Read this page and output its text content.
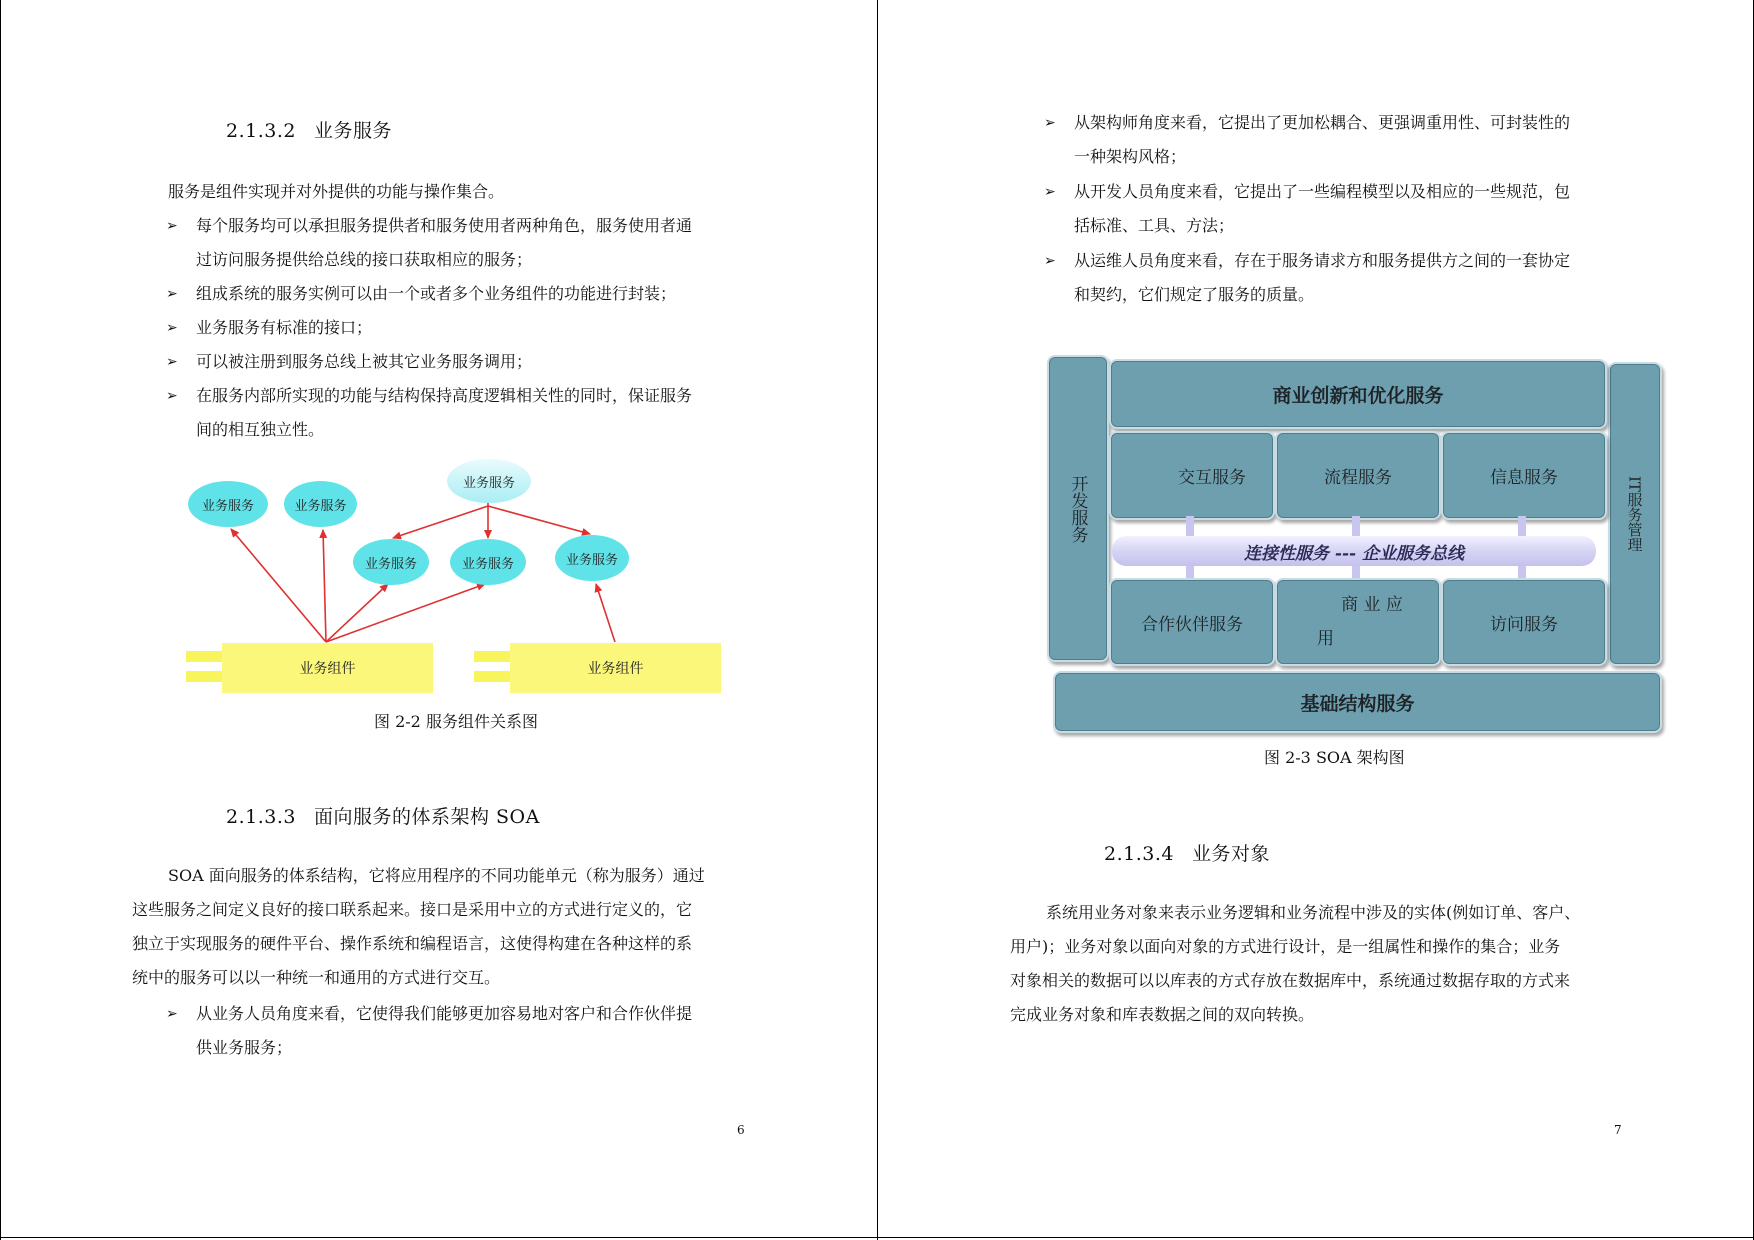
2.1.3.2 业务服务
服务是组件实现并对外提供的功能与操作集合。
➢ 每个服务均可以承担服务提供者和服务使用者两种角色，服务使用者通
过访问服务提供给总线的接口获取相应的服务；
➢ 组成系统的服务实例可以由一个或者多个业务组件的功能进行封装；
➢ 业务服务有标准的接口；
➢ 可以被注册到服务总线上被其它业务服务调用；
➢ 在服务内部所实现的功能与结构保持高度逻辑相关性的同时，保证服务
间的相互独立性。
业务服务	业务服务
业务服务
业务服务	业务服务	业务服务
业务组件	业务组件
图 2-2 服务组件关系图
2.1.3.3 面向服务的体系架构 SOA
SOA 面向服务的体系结构，它将应用程序的不同功能单元（称为服务）通过
这些服务之间定义良好的接口联系起来。接口是采用中立的方式进行定义的，它
独立于实现服务的硬件平台、操作系统和编程语言，这使得构建在各种这样的系
统中的服务可以以一种统一和通用的方式进行交互。
➢ 从业务人员角度来看，它使得我们能够更加容易地对客户和合作伙伴提
供业务服务；
6
➢ 从架构师角度来看，它提出了更加松耦合、更强调重用性、可封装性的
一种架构风格；
➢ 从开发人员角度来看，它提出了一些编程模型以及相应的一些规范，包
括标准、工具、方法；
➢ 从运维人员角度来看，存在于服务请求方和服务提供方之间的一套协定
和契约，它们规定了服务的质量。
开发服务	IT服务管理
商业创新和优化服务
交互服务	流程服务	信息服务
连接性服务 --- 企业服务总线
合作伙伴服务
商 业 应
用
访问服务
基础结构服务
图 2-3 SOA 架构图
2.1.3.4 业务对象
系统用业务对象来表示业务逻辑和业务流程中涉及的实体(例如订单、客户、
用户)；业务对象以面向对象的方式进行设计，是一组属性和操作的集合；业务
对象相关的数据可以以库表的方式存放在数据库中，系统通过数据存取的方式来
完成业务对象和库表数据之间的双向转换。
7
